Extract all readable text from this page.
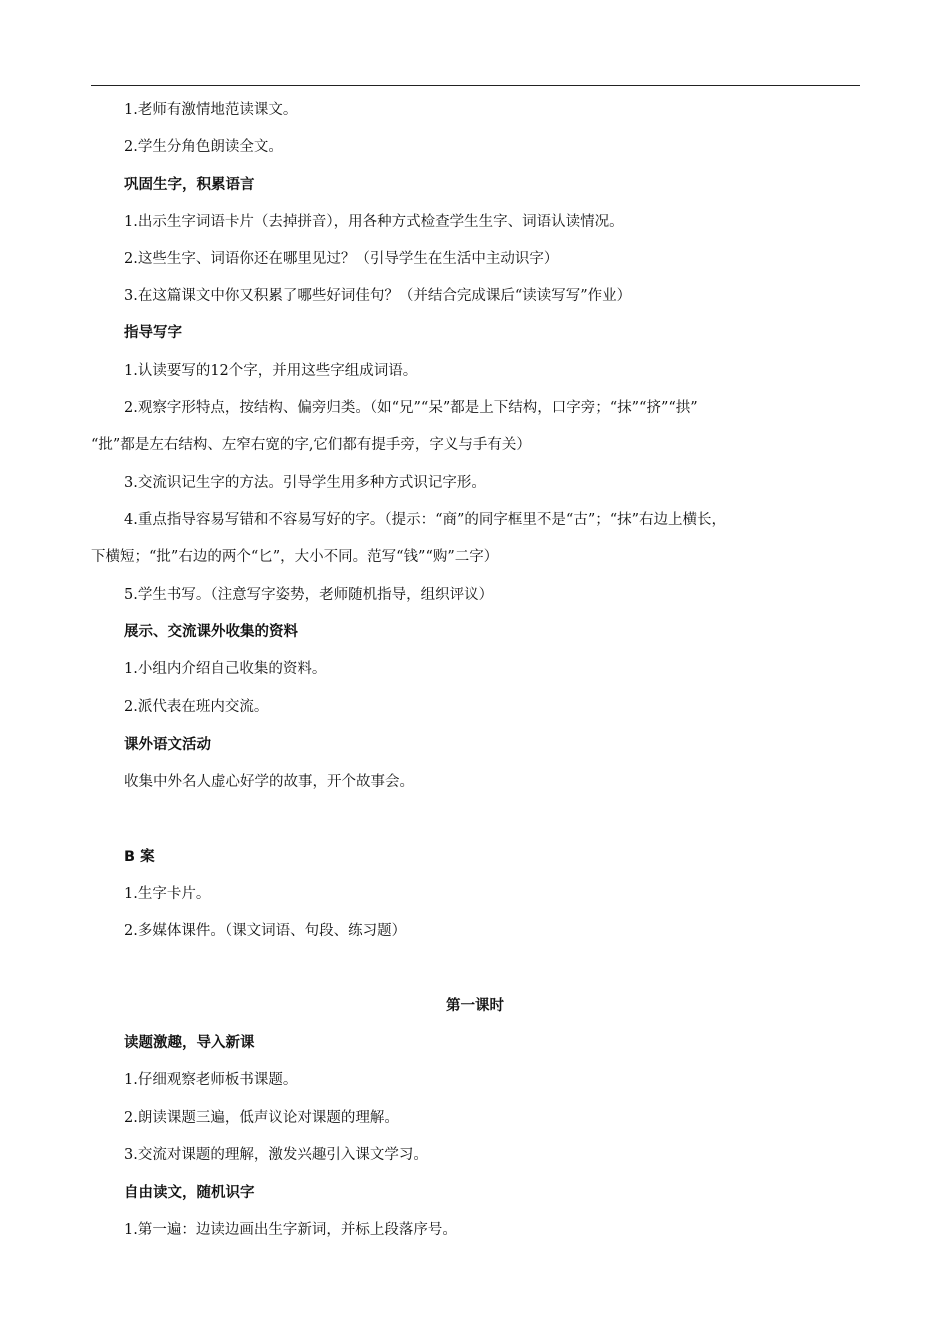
1.老师有激情地范读课文。
2.学生分角色朗读全文。
巩固生字，积累语言
1.出示生字词语卡片（去掉拼音），用各种方式检查学生生字、词语认读情况。
2.这些生字、词语你还在哪里见过？（引导学生在生活中主动识字）
3.在这篇课文中你又积累了哪些好词佳句？（并结合完成课后“读读写写”作业）
指导写字
1.认读要写的12个字，并用这些字组成词语。
2.观察字形特点，按结构、偏旁归类。（如“兄”“呆”都是上下结构，口字旁；“抹”“挤”“拱”
“批”都是左右结构、左窄右宽的字,它们都有提手旁，字义与手有关）
3.交流识记生字的方法。引导学生用多种方式识记字形。
4.重点指导容易写错和不容易写好的字。（提示：“商”的同字框里不是“古”；“抹”右边上横长，
下横短；“批”右边的两个“匕”，大小不同。范写“钱”“购”二字）
5.学生书写。（注意写字姿势，老师随机指导，组织评议）
展示、交流课外收集的资料
1.小组内介绍自己收集的资料。
2.派代表在班内交流。
课外语文活动
收集中外名人虚心好学的故事，开个故事会。
B 案
1.生字卡片。
2.多媒体课件。（课文词语、句段、练习题）
第一课时
读题激趣，导入新课
1.仔细观察老师板书课题。
2.朗读课题三遍，低声议论对课题的理解。
3.交流对课题的理解，激发兴趣引入课文学习。
自由读文，随机识字
1.第一遍：边读边画出生字新词，并标上段落序号。
